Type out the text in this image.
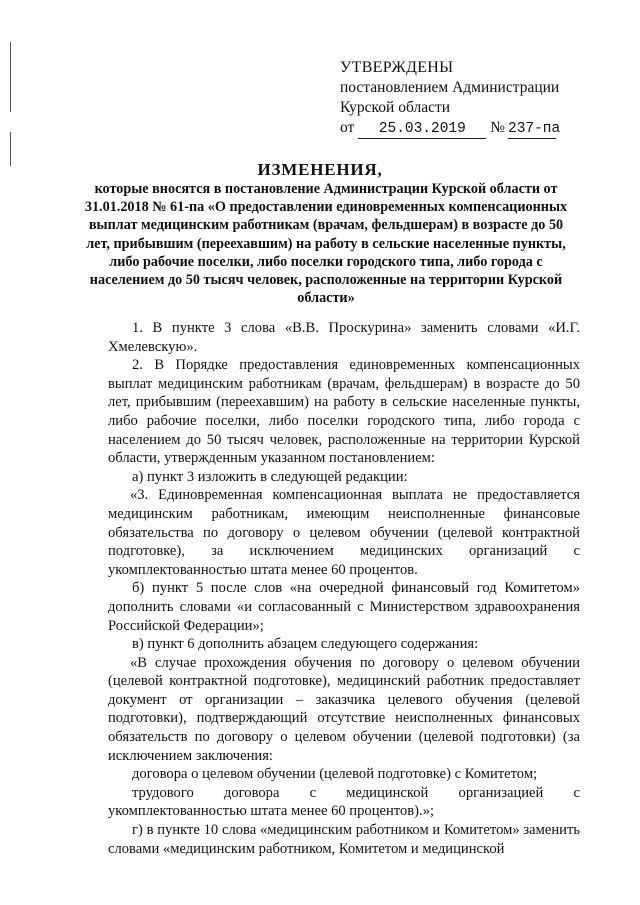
УТВЕРЖДЕНЫ
постановлением Администрации
Курской области
от 25.03.2019 № 237-па
ИЗМЕНЕНИЯ,
которые вносятся в постановление Администрации Курской области от 31.01.2018 № 61-па «О предоставлении единовременных компенсационных выплат медицинским работникам (врачам, фельдшерам) в возрасте до 50 лет, прибывшим (переехавшим) на работу в сельские населенные пункты, либо рабочие поселки, либо поселки городского типа, либо города с населением до 50 тысяч человек, расположенные на территории Курской области»

1. В пункте 3 слова «В.В. Проскурина» заменить словами «И.Г. Хмелевскую».

2. В Порядке предоставления единовременных компенсационных выплат медицинским работникам (врачам, фельдшерам) в возрасте до 50 лет, прибывшим (переехавшим) на работу в сельские населенные пункты, либо рабочие поселки, либо поселки городского типа, либо города с населением до 50 тысяч человек, расположенные на территории Курской области, утвержденным указанном постановлением:

а) пункт 3 изложить в следующей редакции:

«3. Единовременная компенсационная выплата не предоставляется медицинским работникам, имеющим неисполненные финансовые обязательства по договору о целевом обучении (целевой контрактной подготовке), за исключением медицинских организаций с укомплектованностью штата менее 60 процентов.

б) пункт 5 после слов «на очередной финансовый год Комитетом» дополнить словами «и согласованный с Министерством здравоохранения Российской Федерации»;

в) пункт 6 дополнить абзацем следующего содержания:

«В случае прохождения обучения по договору о целевом обучении (целевой контрактной подготовке), медицинский работник предоставляет документ от организации – заказчика целевого обучения (целевой подготовки), подтверждающий отсутствие неисполненных финансовых обязательств по договору о целевом обучении (целевой подготовки) (за исключением заключения:

договора о целевом обучении (целевой подготовке) с Комитетом;

трудового договора с медицинской организацией с укомплектованностью штата менее 60 процентов).»;

г) в пункте 10 слова «медицинским работником и Комитетом» заменить словами «медицинским работником, Комитетом и медицинской
